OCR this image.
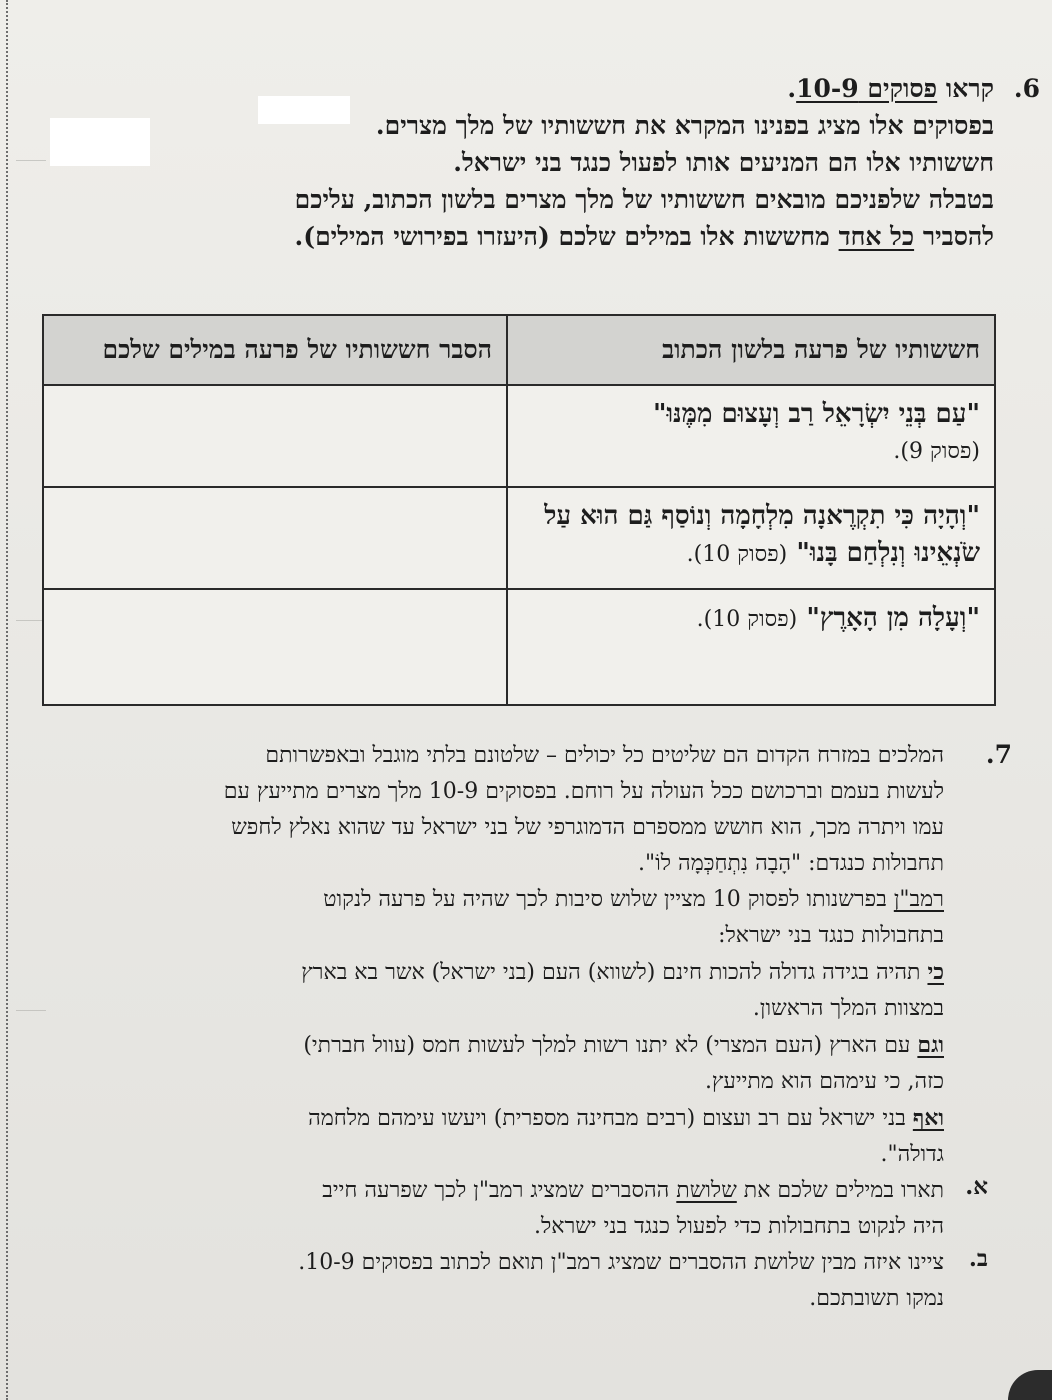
6.
קראו פסוקים 10-9.
בפסוקים אלו מציג בפנינו המקרא את חששותיו של מלך מצרים.
חששותיו אלו הם המניעים אותו לפעול כנגד בני ישראל.
בטבלה שלפניכם מובאים חששותיו של מלך מצרים בלשון הכתוב, עליכם
להסביר כל אחד מחששות אלו במילים שלכם (היעזרו בפירושי המילים).
חששותיו של פרעה בלשון הכתוב	הסבר חששותיו של פרעה במילים שלכם

"עַם בְּנֵי יִשְׂרָאֵל רַב וְעָצוּם מִמֶּנּוּ"
(פסוק 9).	

"וְהָיָה כִּי תִקְרֶאנָה מִלְחָמָה וְנוֹסַף גַּם הוּא עַל שֹׂנְאֵינוּ וְנִלְחַם בָּנוּ" (פסוק 10).	

"וְעָלָה מִן הָאָרֶץ" (פסוק 10).	

7.
המלכים במזרח הקדום הם שליטים כל יכולים – שלטונם בלתי מוגבל ובאפשרותם
לעשות בעמם וברכושם ככל העולה על רוחם. בפסוקים 10-9 מלך מצרים מתייעץ עם
עמו ויתרה מכך, הוא חושש ממספרם הדמוגרפי של בני ישראל עד שהוא נאלץ לחפש
תחבולות כנגדם: "הָבָה נִתְחַכְּמָה לוֹ".
רמב"ן בפרשנותו לפסוק 10 מציין שלוש סיבות לכך שהיה על פרעה לנקוט
בתחבולות כנגד בני ישראל:
כי תהיה בגידה גדולה להכות חינם (לשווא) העם (בני ישראל) אשר בא בארץ
במצוות המלך הראשון.
וגם עם הארץ (העם המצרי) לא יתנו רשות למלך לעשות חמס (עוול חברתי)
כזה, כי עימהם הוא מתייעץ.
ואף בני ישראל עם רב ועצום (רבים מבחינה מספרית) ויעשו עימהם מלחמה
גדולה".
א.
תארו במילים שלכם את שלושת ההסברים שמציג רמב"ן לכך שפרעה חייב
היה לנקוט בתחבולות כדי לפעול כנגד בני ישראל.
ב.
ציינו איזה מבין שלושת ההסברים שמציג רמב"ן תואם לכתוב בפסוקים 10-9.
נמקו תשובתכם.
